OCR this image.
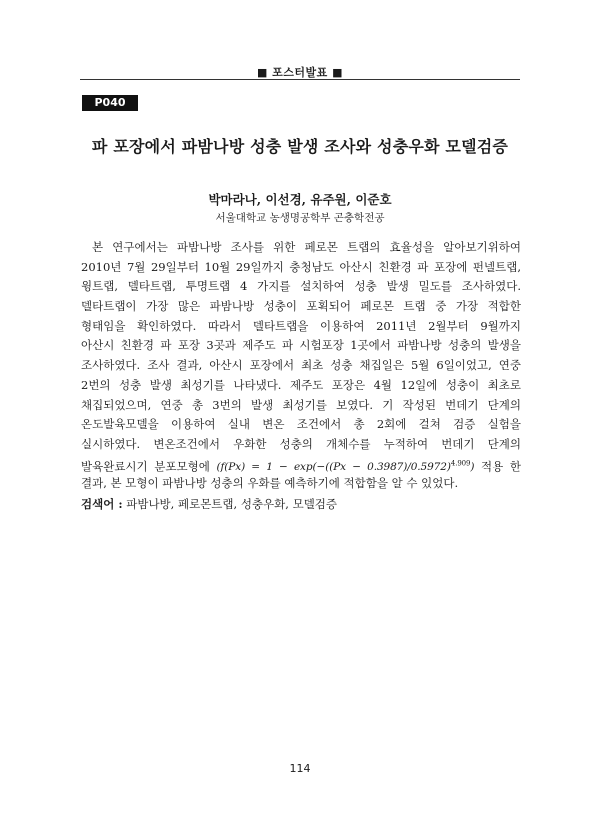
■ 포스터발표 ■
P040
파 포장에서 파밤나방 성충 발생 조사와 성충우화 모델검증
박마라나, 이선경, 유주원, 이준호
서울대학교 농생명공학부 곤충학전공
본 연구에서는 파밤나방 조사를 위한 페로몬 트랩의 효율성을 알아보기위하여
2010년 7월 29일부터 10월 29일까지 충청남도 아산시 친환경 파 포장에 펀넬트랩,
윙트랩, 델타트랩, 투명트랩 4 가지를 설치하여 성충 발생 밀도를 조사하였다.
델타트랩이 가장 많은 파밤나방 성충이 포획되어 페로몬 트랩 중 가장 적합한
형태임을 확인하였다. 따라서 델타트랩을 이용하여 2011년 2월부터 9월까지
아산시 친환경 파 포장 3곳과 제주도 파 시험포장 1곳에서 파밤나방 성충의 발생을
조사하였다. 조사 결과, 아산시 포장에서 최초 성충 채집일은 5월 6일이었고, 연중
2번의 성충 발생 최성기를 나타냈다. 제주도 포장은 4월 12일에 성충이 최초로
채집되었으며, 연중 총 3번의 발생 최성기를 보였다. 기 작성된 번데기 단계의
온도발육모델을 이용하여 실내 변온 조건에서 총 2회에 걸쳐 검증 실험을
실시하였다. 변온조건에서 우화한 성충의 개체수를 누적하여 번데기 단계의
발육완료시기 분포모형에 ($f(Px) = 1 - \exp(-((Px - 0.3987)/0.5972)^{4.909})$ 적용 한
결과, 본 모형이 파밤나방 성충의 우화를 예측하기에 적합함을 알 수 있었다.
검색어 : 파밤나방, 페로몬트랩, 성충우화, 모델검증
114
